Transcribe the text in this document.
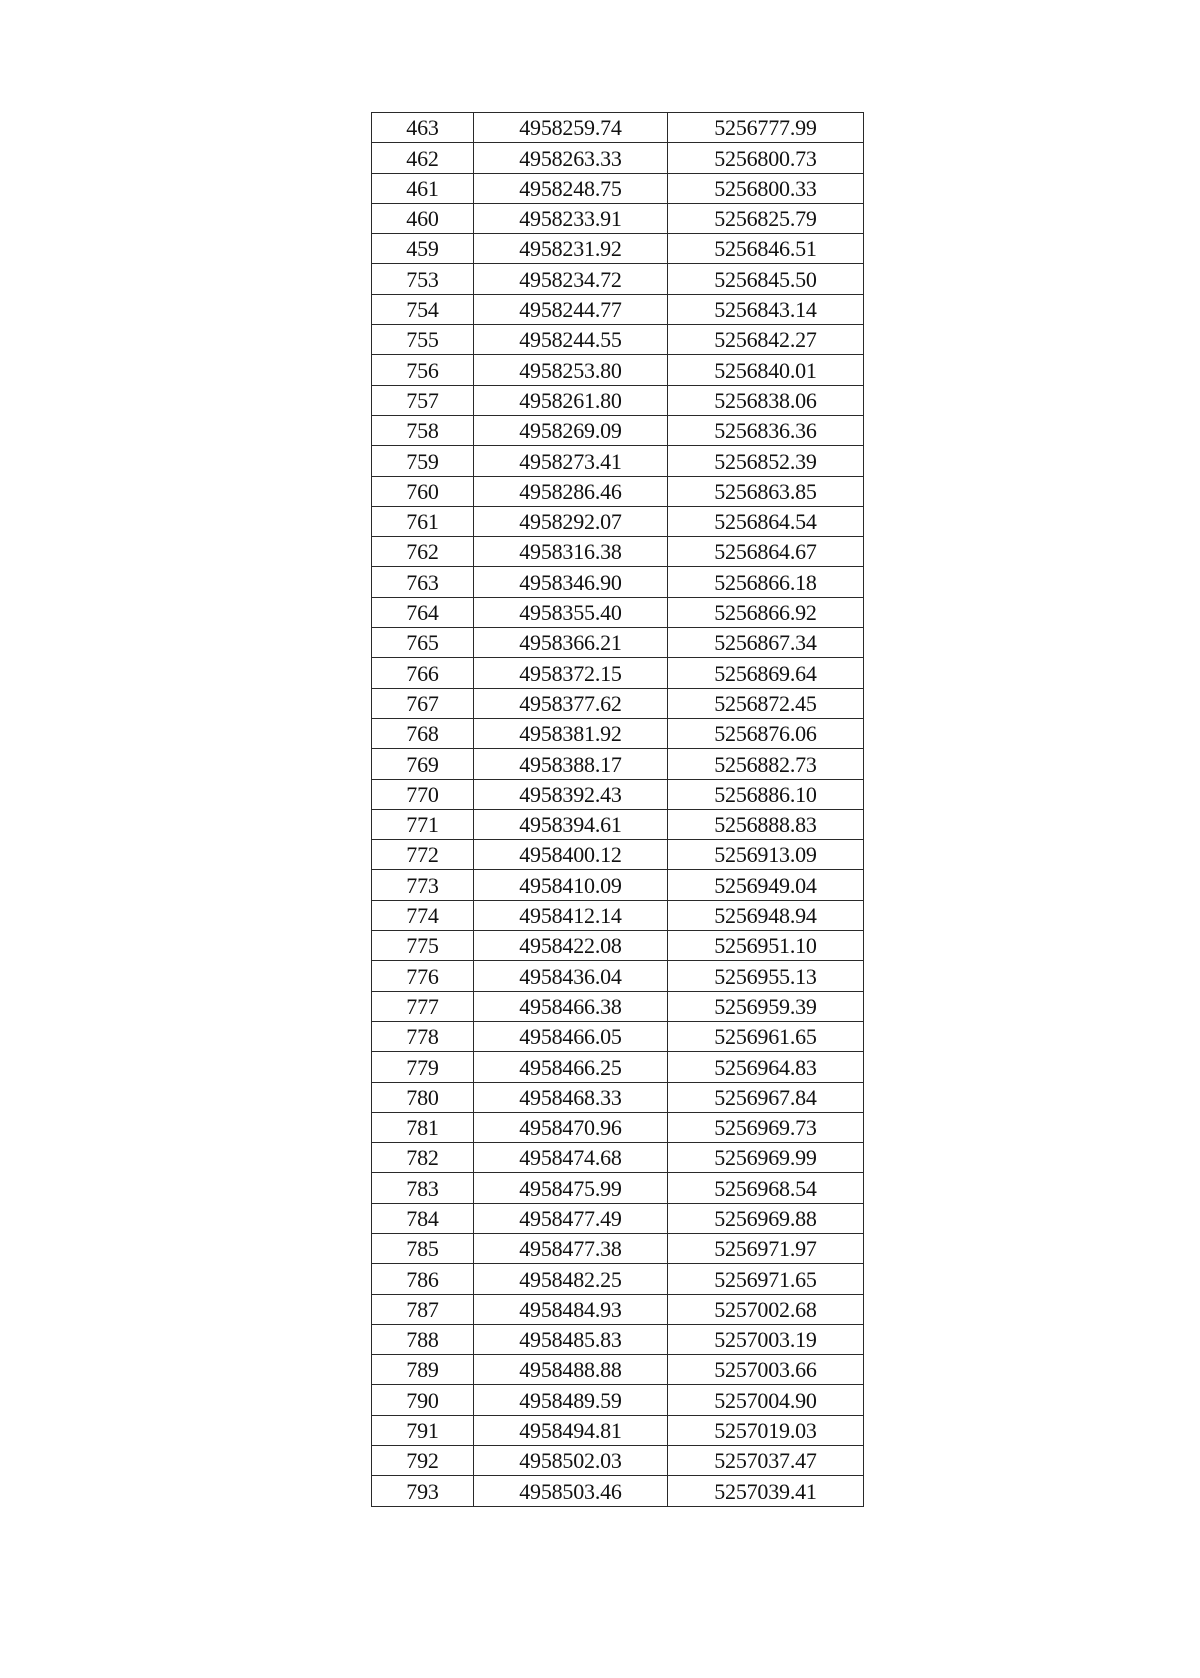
463	4958259.74	5256777.99
462	4958263.33	5256800.73
461	4958248.75	5256800.33
460	4958233.91	5256825.79
459	4958231.92	5256846.51
753	4958234.72	5256845.50
754	4958244.77	5256843.14
755	4958244.55	5256842.27
756	4958253.80	5256840.01
757	4958261.80	5256838.06
758	4958269.09	5256836.36
759	4958273.41	5256852.39
760	4958286.46	5256863.85
761	4958292.07	5256864.54
762	4958316.38	5256864.67
763	4958346.90	5256866.18
764	4958355.40	5256866.92
765	4958366.21	5256867.34
766	4958372.15	5256869.64
767	4958377.62	5256872.45
768	4958381.92	5256876.06
769	4958388.17	5256882.73
770	4958392.43	5256886.10
771	4958394.61	5256888.83
772	4958400.12	5256913.09
773	4958410.09	5256949.04
774	4958412.14	5256948.94
775	4958422.08	5256951.10
776	4958436.04	5256955.13
777	4958466.38	5256959.39
778	4958466.05	5256961.65
779	4958466.25	5256964.83
780	4958468.33	5256967.84
781	4958470.96	5256969.73
782	4958474.68	5256969.99
783	4958475.99	5256968.54
784	4958477.49	5256969.88
785	4958477.38	5256971.97
786	4958482.25	5256971.65
787	4958484.93	5257002.68
788	4958485.83	5257003.19
789	4958488.88	5257003.66
790	4958489.59	5257004.90
791	4958494.81	5257019.03
792	4958502.03	5257037.47
793	4958503.46	5257039.41
